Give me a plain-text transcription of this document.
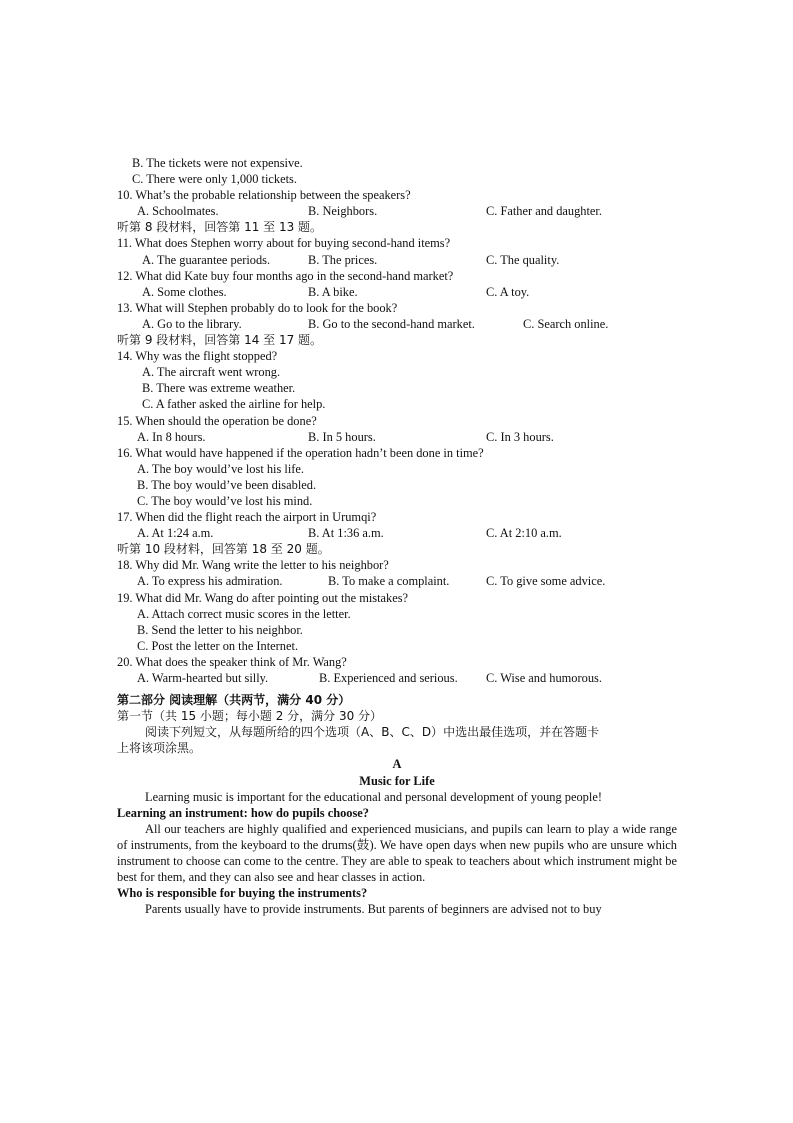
B. The tickets were not expensive.
C. There were only 1,000 tickets.
10. What’s the probable relationship between the speakers?
A. Schoolmates.	B. Neighbors.	C. Father and daughter.
听第 8 段材料，回答第 11 至 13 题。
11. What does Stephen worry about for buying second-hand items?
A. The guarantee periods.	B. The prices.	C. The quality.
12. What did Kate buy four months ago in the second-hand market?
A. Some clothes.	B. A bike.	C. A toy.
13. What will Stephen probably do to look for the book?
A. Go to the library.	B. Go to the second-hand market.	C. Search online.
听第 9 段材料，回答第 14 至 17 题。
14. Why was the flight stopped?
A. The aircraft went wrong.
B. There was extreme weather.
C. A father asked the airline for help.
15. When should the operation be done?
A. In 8 hours.	B. In 5 hours.	C. In 3 hours.
16. What would have happened if the operation hadn’t been done in time?
A. The boy would’ve lost his life.
B. The boy would’ve been disabled.
C. The boy would’ve lost his mind.
17. When did the flight reach the airport in Urumqi?
A. At 1:24 a.m.	B. At 1:36 a.m.	C. At 2:10 a.m.
听第 10 段材料，回答第 18 至 20 题。
18. Why did Mr. Wang write the letter to his neighbor?
A. To express his admiration.	B. To make a complaint.	C. To give some advice.
19. What did Mr. Wang do after pointing out the mistakes?
A. Attach correct music scores in the letter.
B. Send the letter to his neighbor.
C. Post the letter on the Internet.
20. What does the speaker think of Mr. Wang?
A. Warm-hearted but silly.	B. Experienced and serious. C. Wise and humorous.
第二部分 阅读理解（共两节，满分 40 分）
第一节（共 15 小题；每小题 2 分，满分 30 分）
阅读下列短文，从每题所给的四个选项（A、B、C、D）中选出最佳选项，并在答题卡
上将该项涂黑。
A
Music for Life
Learning music is important for the educational and personal development of young people!
Learning an instrument: how do pupils choose?
All our teachers are highly qualified and experienced musicians, and pupils can learn to play a wide range of instruments, from the keyboard to the drums(鼓). We have open days when new pupils who are unsure which instrument to choose can come to the centre. They are able to speak to teachers about which instrument might be best for them, and they can also see and hear classes in action.
Who is responsible for buying the instruments?
Parents usually have to provide instruments. But parents of beginners are advised not to buy
